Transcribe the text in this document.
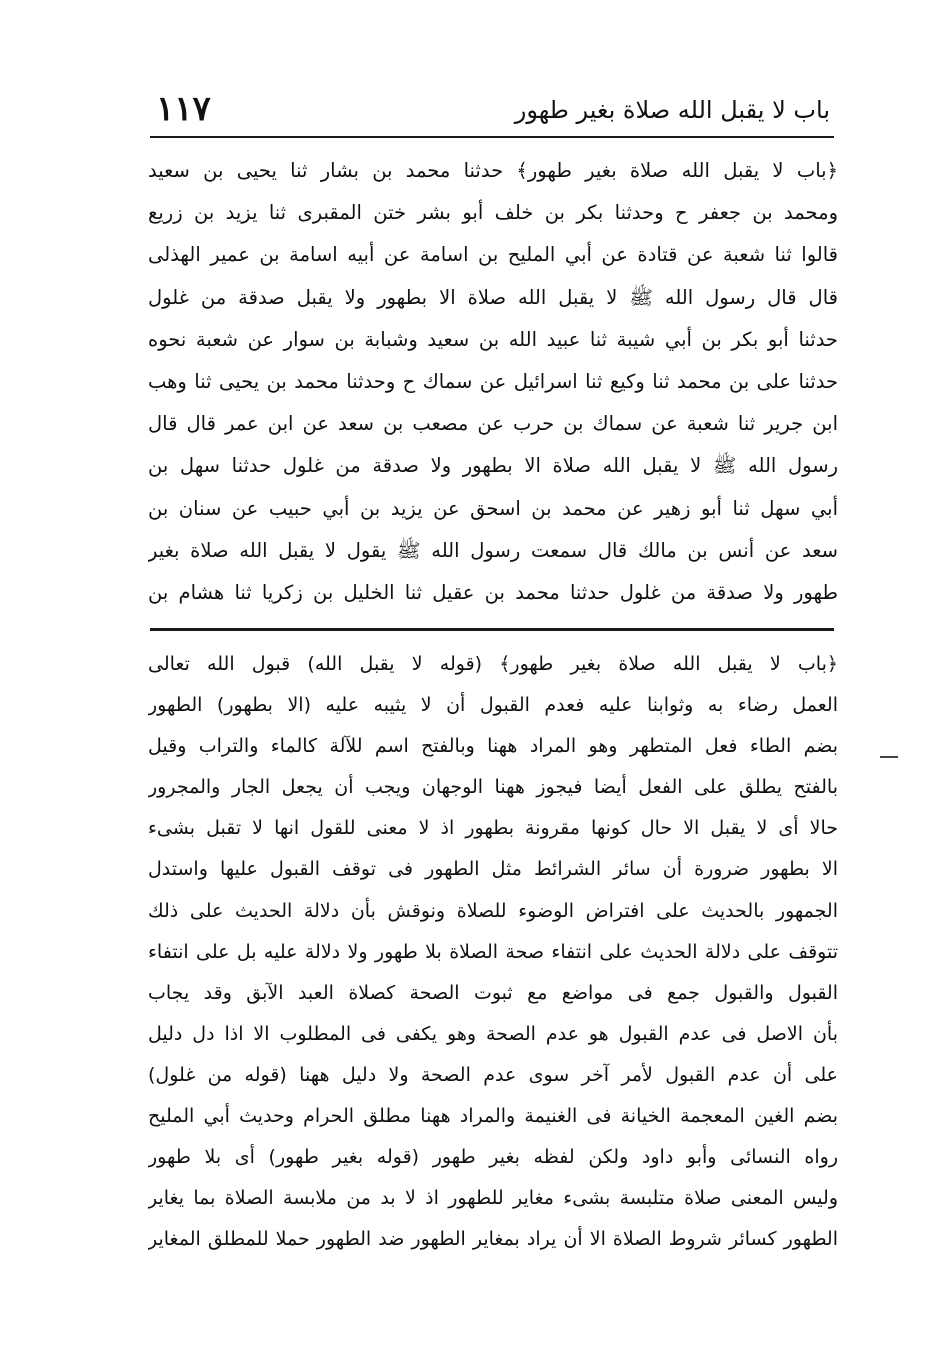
١١٧	باب لا يقبل الله صلاة بغير طهور
﴿باب لا يقبل الله صلاة بغير طهور﴾ حدثنا محمد بن بشار ثنا يحيى بن سعيد
ومحمد بن جعفر ح وحدثنا بكر بن خلف أبو بشر ختن المقبرى ثنا يزيد بن زريع
قالوا ثنا شعبة عن قتادة عن أبي المليح بن اسامة عن أبيه اسامة بن عمير الهذلى
قال قال رسول الله ﷺ لا يقبل الله صلاة الا بطهور ولا يقبل صدقة من غلول
حدثنا أبو بكر بن أبي شيبة ثنا عبيد الله بن سعيد وشبابة بن سوار عن شعبة نحوه
حدثنا على بن محمد ثنا وكيع ثنا اسرائيل عن سماك ح وحدثنا محمد بن يحيى ثنا وهب
ابن جرير ثنا شعبة عن سماك بن حرب عن مصعب بن سعد عن ابن عمر قال قال
رسول الله ﷺ لا يقبل الله صلاة الا بطهور ولا صدقة من غلول حدثنا سهل بن
أبي سهل ثنا أبو زهير عن محمد بن اسحق عن يزيد بن أبي حبيب عن سنان بن
سعد عن أنس بن مالك قال سمعت رسول الله ﷺ يقول لا يقبل الله صلاة بغير
طهور ولا صدقة من غلول حدثنا محمد بن عقيل ثنا الخليل بن زكريا ثنا هشام بن
﴿باب لا يقبل الله صلاة بغير طهور﴾ (قوله لا يقبل الله) قبول الله تعالى
العمل رضاء به وثوابنا عليه فعدم القبول أن لا يثيبه عليه (الا بطهور) الطهور
بضم الطاء فعل المتطهر وهو المراد ههنا وبالفتح اسم للآلة كالماء والتراب وقيل
بالفتح يطلق على الفعل أيضا فيجوز ههنا الوجهان ويجب أن يجعل الجار والمجرور
حالا أى لا يقبل الا حال كونها مقرونة بطهور اذ لا معنى للقول انها لا تقبل بشىء
الا بطهور ضرورة أن سائر الشرائط مثل الطهور فى توقف القبول عليها واستدل
الجمهور بالحديث على افتراض الوضوء للصلاة ونوقش بأن دلالة الحديث على ذلك
تتوقف على دلالة الحديث على انتفاء صحة الصلاة بلا طهور ولا دلالة عليه بل على انتفاء
القبول والقبول جمع فى مواضع مع ثبوت الصحة كصلاة العبد الآبق وقد يجاب
بأن الاصل فى عدم القبول هو عدم الصحة وهو يكفى فى المطلوب الا اذا دل دليل
على أن عدم القبول لأمر آخر سوى عدم الصحة ولا دليل ههنا (قوله من غلول)
بضم الغين المعجمة الخيانة فى الغنيمة والمراد ههنا مطلق الحرام وحديث أبي المليح
رواه النسائى وأبو داود ولكن لفظه بغير طهور (قوله بغير طهور) أى بلا طهور
وليس المعنى صلاة متلبسة بشىء مغاير للطهور اذ لا بد من ملابسة الصلاة بما يغاير
الطهور كسائر شروط الصلاة الا أن يراد بمغاير الطهور ضد الطهور حملا للمطلق المغاير
